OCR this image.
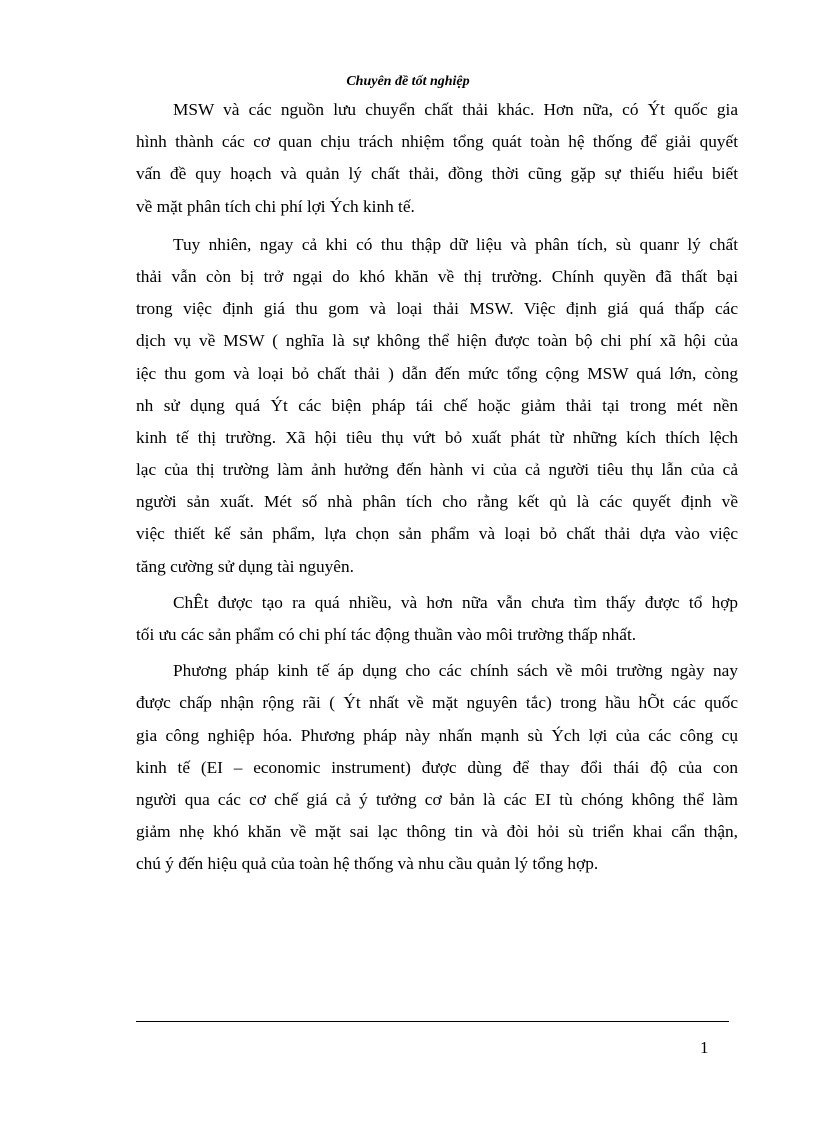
Chuyên đề tốt nghiệp
MSW và các nguồn lưu chuyển chất thải khác. Hơn nữa, có Ýt quốc gia
hình thành các cơ quan chịu trách nhiệm tổng quát toàn hệ thống để giải quyết
vấn đề quy hoạch và quản lý chất thải, đồng thời cũng gặp sự thiếu hiểu biết
về mặt phân tích chi phí lợi Ých kinh tế.
Tuy nhiên, ngay cả khi có thu thập dữ liệu và phân tích, sù quanr lý chất
thải vẫn còn bị trở ngại do khó khăn về thị trường. Chính quyền đã thất bại
trong việc định giá thu gom và loại thải MSW. Việc định giá quá thấp các
dịch vụ về MSW ( nghĩa là sự không thể hiện được toàn bộ chi phí xã hội của
iệc thu gom và loại bỏ chất thải ) dẫn đến mức tổng cộng MSW quá lớn, còng
nh sử dụng quá Ýt các biện pháp tái chế hoặc giảm thải tại trong mét nền
kinh tế thị trường. Xã hội tiêu thụ vứt bỏ xuất phát từ những kích thích lệch
lạc của thị trường làm ảnh hưởng đến hành vi của cả người tiêu thụ lẫn của cả
người sản xuất. Mét số nhà phân tích cho rằng kết qủ là các quyết định về
việc thiết kế sản phẩm, lựa chọn sản phẩm và loại bỏ chất thải dựa vào việc
tăng cường sử dụng tài nguyên.
ChÊt được tạo ra quá nhiều, và hơn nữa vẫn chưa tìm thấy được tổ hợp
tối ưu các sản phẩm có chi phí tác động thuần vào môi trường thấp nhất.
Phương pháp kinh tế áp dụng cho các chính sách về môi trường ngày nay
được chấp nhận rộng rãi ( Ýt nhất về mặt nguyên tắc) trong hầu hÕt các quốc
gia công nghiệp hóa. Phương pháp này nhấn mạnh sù Ých lợi của các công cụ
kinh tế (EI – economic instrument) được dùng để thay đổi thái độ của con
người qua các cơ chế giá cả ý tưởng cơ bản là các EI tù chóng không thể làm
giảm nhẹ khó khăn về mặt sai lạc thông tin và đòi hỏi sù triển khai cẩn thận,
chú ý đến hiệu quả của toàn hệ thống và nhu cầu quản lý tổng hợp.
1
